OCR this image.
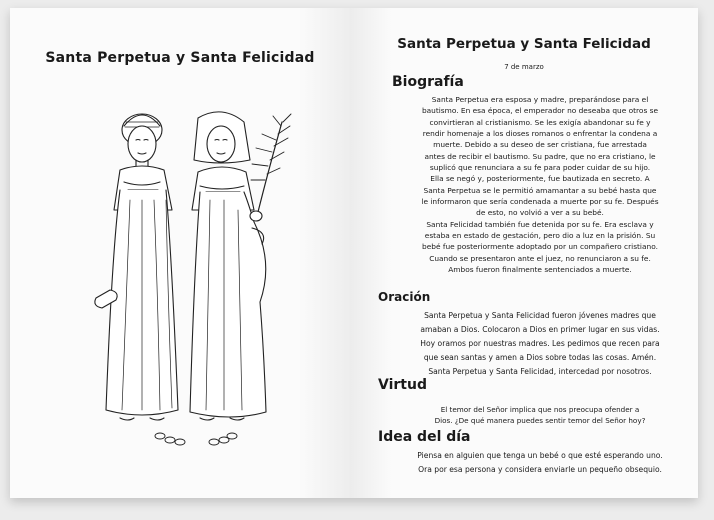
Santa Perpetua y Santa Felicidad
Santa Perpetua y Santa Felicidad
7 de marzo
Biografía
Santa Perpetua era esposa y madre, preparándose para el
bautismo. En esa época, el emperador no deseaba que otros se
convirtieran al cristianismo. Se les exigía abandonar su fe y
rendir homenaje a los dioses romanos o enfrentar la condena a
muerte. Debido a su deseo de ser cristiana, fue arrestada
antes de recibir el bautismo. Su padre, que no era cristiano, le
suplicó que renunciara a su fe para poder cuidar de su hijo.
Ella se negó y, posteriormente, fue bautizada en secreto. A
Santa Perpetua se le permitió amamantar a su bebé hasta que
le informaron que sería condenada a muerte por su fe. Después
de esto, no volvió a ver a su bebé.
Santa Felicidad también fue detenida por su fe. Era esclava y
estaba en estado de gestación, pero dio a luz en la prisión. Su
bebé fue posteriormente adoptado por un compañero cristiano.
Cuando se presentaron ante el juez, no renunciaron a su fe.
Ambos fueron finalmente sentenciados a muerte.
Oración
Santa Perpetua y Santa Felicidad fueron jóvenes madres que
amaban a Dios. Colocaron a Dios en primer lugar en sus vidas.
Hoy oramos por nuestras madres. Les pedimos que recen para
que sean santas y amen a Dios sobre todas las cosas. Amén.
Santa Perpetua y Santa Felicidad, intercedad por nosotros.
Virtud
El temor del Señor implica que nos preocupa ofender a
Dios. ¿De qué manera puedes sentir temor del Señor hoy?
Idea del día
Piensa en alguien que tenga un bebé o que esté esperando uno.
Ora por esa persona y considera enviarle un pequeño obsequio.
